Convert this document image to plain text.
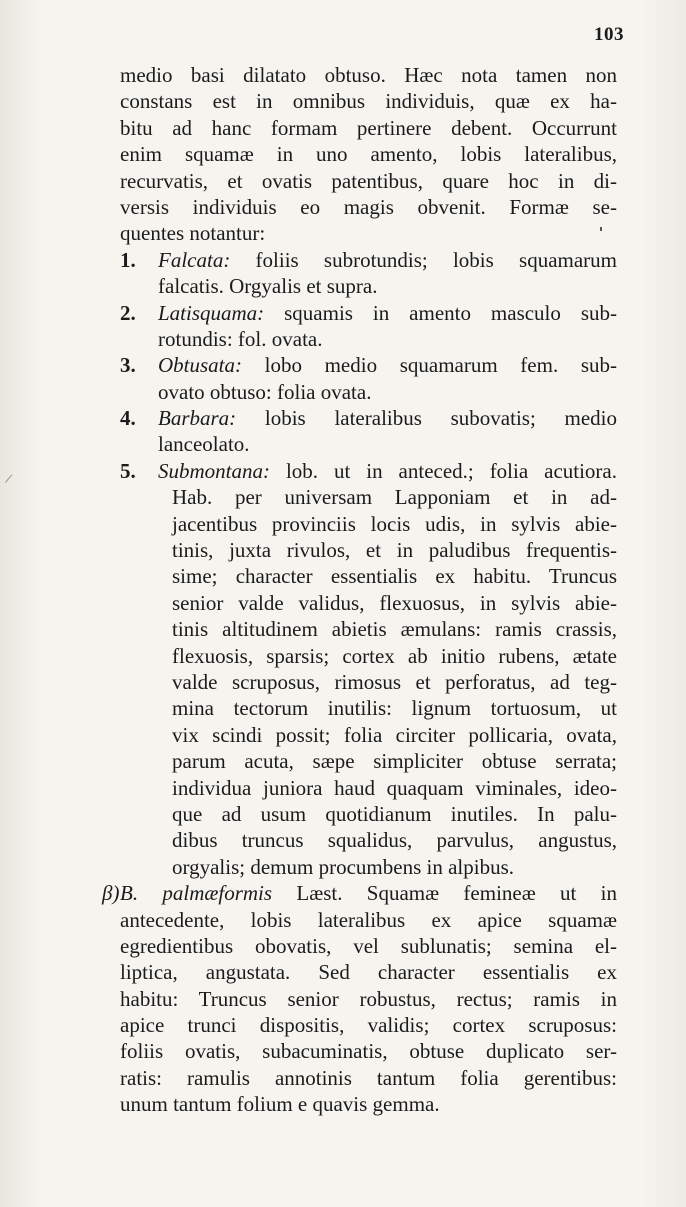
103
medio basi dilatato obtuso. Hæc nota tamen non
constans est in omnibus individuis, quæ ex ha-
bitu ad hanc formam pertinere debent. Occurrunt
enim squamæ in uno amento, lobis lateralibus,
recurvatis, et ovatis patentibus, quare hoc in di-
versis individuis eo magis obvenit. Formæ se-
quentes notantur:
1. Falcata: foliis subrotundis; lobis squamarum
falcatis. Orgyalis et supra.
2. Latisquama: squamis in amento masculo sub-
rotundis: fol. ovata.
3. Obtusata: lobo medio squamarum fem. sub-
ovato obtuso: folia ovata.
4. Barbara: lobis lateralibus subovatis; medio
lanceolato.
5. Submontana: lob. ut in anteced.; folia acutiora.
Hab. per universam Lapponiam et in ad-
jacentibus provinciis locis udis, in sylvis abie-
tinis, juxta rivulos, et in paludibus frequentis-
sime; character essentialis ex habitu. Truncus
senior valde validus, flexuosus, in sylvis abie-
tinis altitudinem abietis æmulans: ramis crassis,
flexuosis, sparsis; cortex ab initio rubens, ætate
valde scruposus, rimosus et perforatus, ad teg-
mina tectorum inutilis: lignum tortuosum, ut
vix scindi possit; folia circiter pollicaria, ovata,
parum acuta, sæpe simpliciter obtuse serrata;
individua juniora haud quaquam viminales, ideo-
que ad usum quotidianum inutiles. In palu-
dibus truncus squalidus, parvulus, angustus,
orgyalis; demum procumbens in alpibus.
β) B. palmæformis Læst. Squamæ femineæ ut in
antecedente, lobis lateralibus ex apice squamæ
egredientibus obovatis, vel sublunatis; semina el-
liptica, angustata. Sed character essentialis ex
habitu: Truncus senior robustus, rectus; ramis in
apice trunci dispositis, validis; cortex scruposus:
foliis ovatis, subacuminatis, obtuse duplicato ser-
ratis: ramulis annotinis tantum folia gerentibus:
unum tantum folium e quavis gemma.
